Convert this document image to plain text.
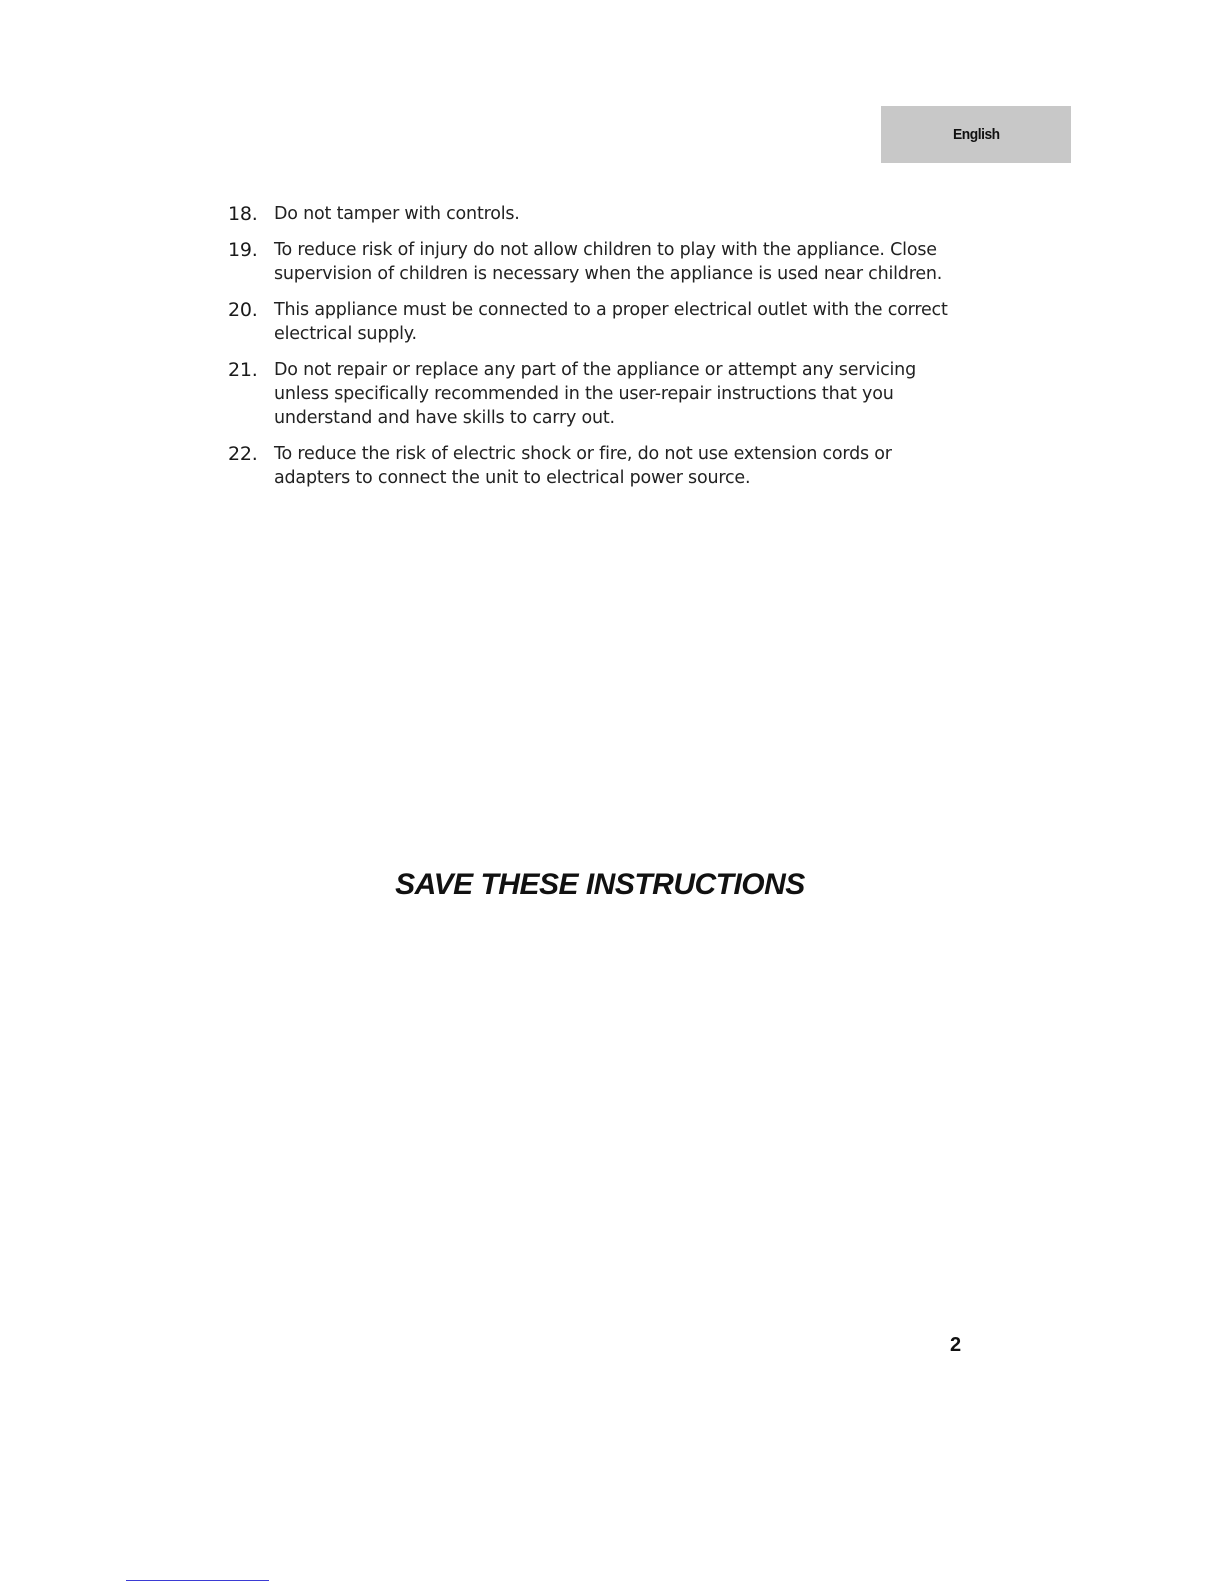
English
18. Do not tamper with controls.
19. To reduce risk of injury do not allow children to play with the appliance. Close supervision of children is necessary when the appliance is used near children.
20. This appliance must be connected to a proper electrical outlet with the correct electrical supply.
21. Do not repair or replace any part of the appliance or attempt any servicing unless specifically recommended in the user-repair instructions that you understand and have skills to carry out.
22. To reduce the risk of electric shock or fire, do not use extension cords or adapters to connect the unit to electrical power source.
SAVE THESE INSTRUCTIONS
2
